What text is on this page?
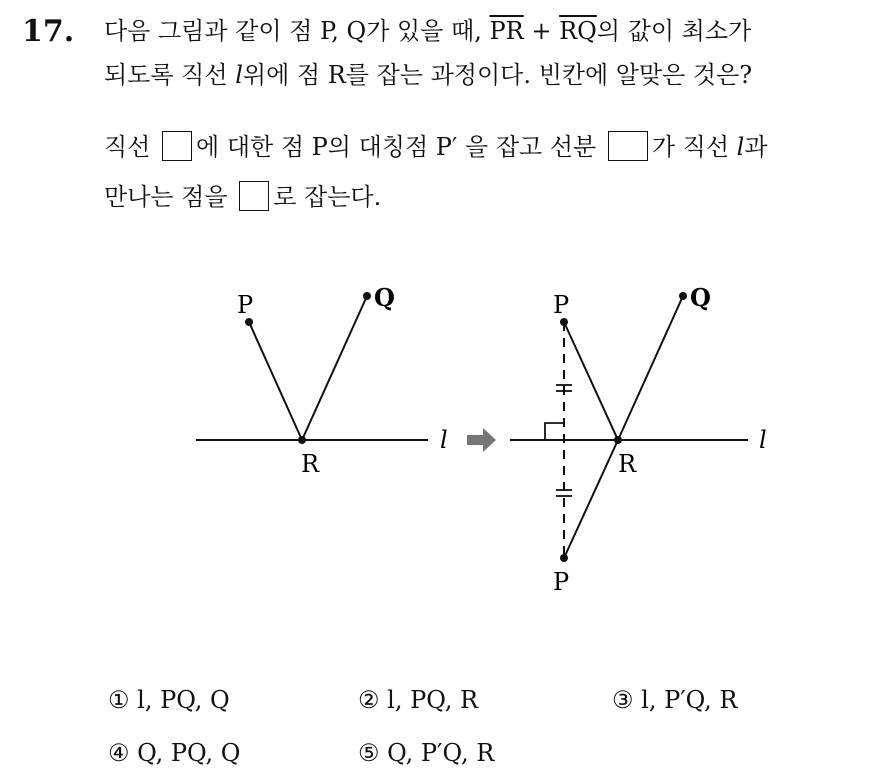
17. 다음 그림과 같이 점 P, Q가 있을 때, $\overline{PR} + \overline{RQ}$의 값이 최소가
되도록 직선 l위에 점 R를 잡는 과정이다. 빈칸에 알맞은 것은?
직선 에 대한 점 P의 대칭점 P′ 을 잡고 선분 가 직선 l과
만나는 점을 로 잡는다.
P	Q
R
l
P	Q
R
l
P
① l, PQ, Q	② l, PQ, R	③ l, P′Q, R
④ Q, PQ, Q	⑤ Q, P′Q, R
